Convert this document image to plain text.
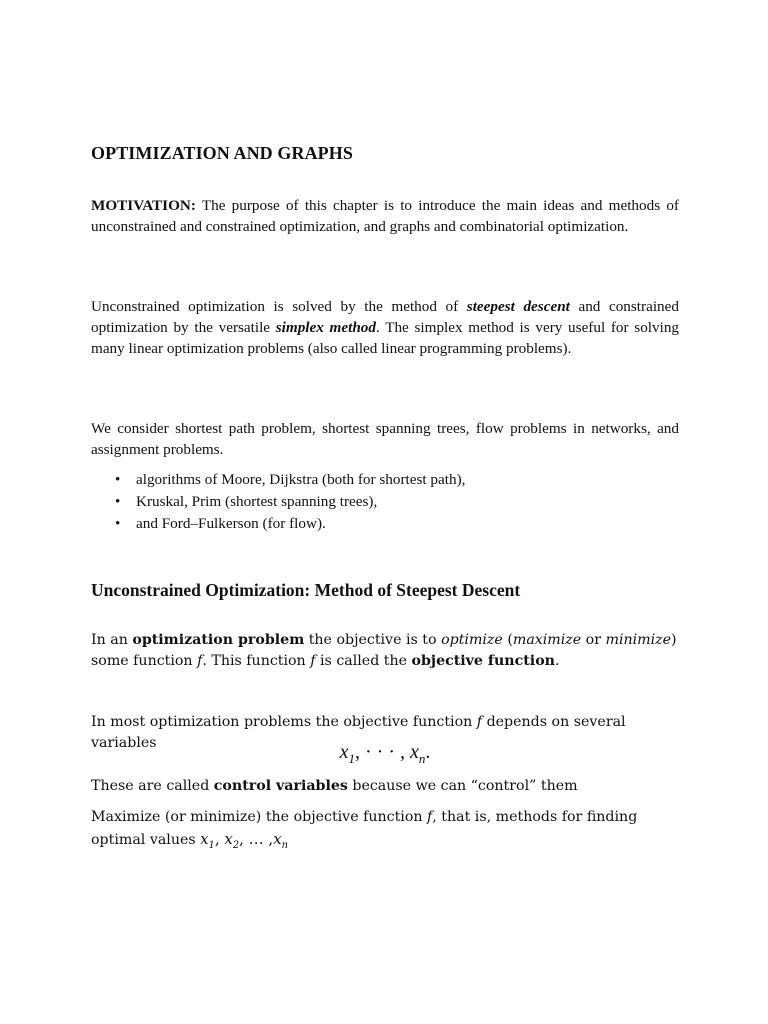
OPTIMIZATION AND GRAPHS
MOTIVATION: The purpose of this chapter is to introduce the main ideas and methods of unconstrained and constrained optimization, and graphs and combinatorial optimization.
Unconstrained optimization is solved by the method of steepest descent and constrained optimization by the versatile simplex method. The simplex method is very useful for solving many linear optimization problems (also called linear programming problems).
We consider shortest path problem, shortest spanning trees, flow problems in networks, and assignment problems.
• algorithms of Moore, Dijkstra (both for shortest path),
• Kruskal, Prim (shortest spanning trees),
• and Ford–Fulkerson (for flow).
Unconstrained Optimization: Method of Steepest Descent
In an optimization problem the objective is to optimize (maximize or minimize) some function f. This function f is called the objective function.
In most optimization problems the objective function f depends on several variables	$x_1$, · · · , $x_n$.
These are called control variables because we can “control” them
Maximize (or minimize) the objective function f, that is, methods for finding optimal values $x_1$, $x_2$, … $,x_n$
